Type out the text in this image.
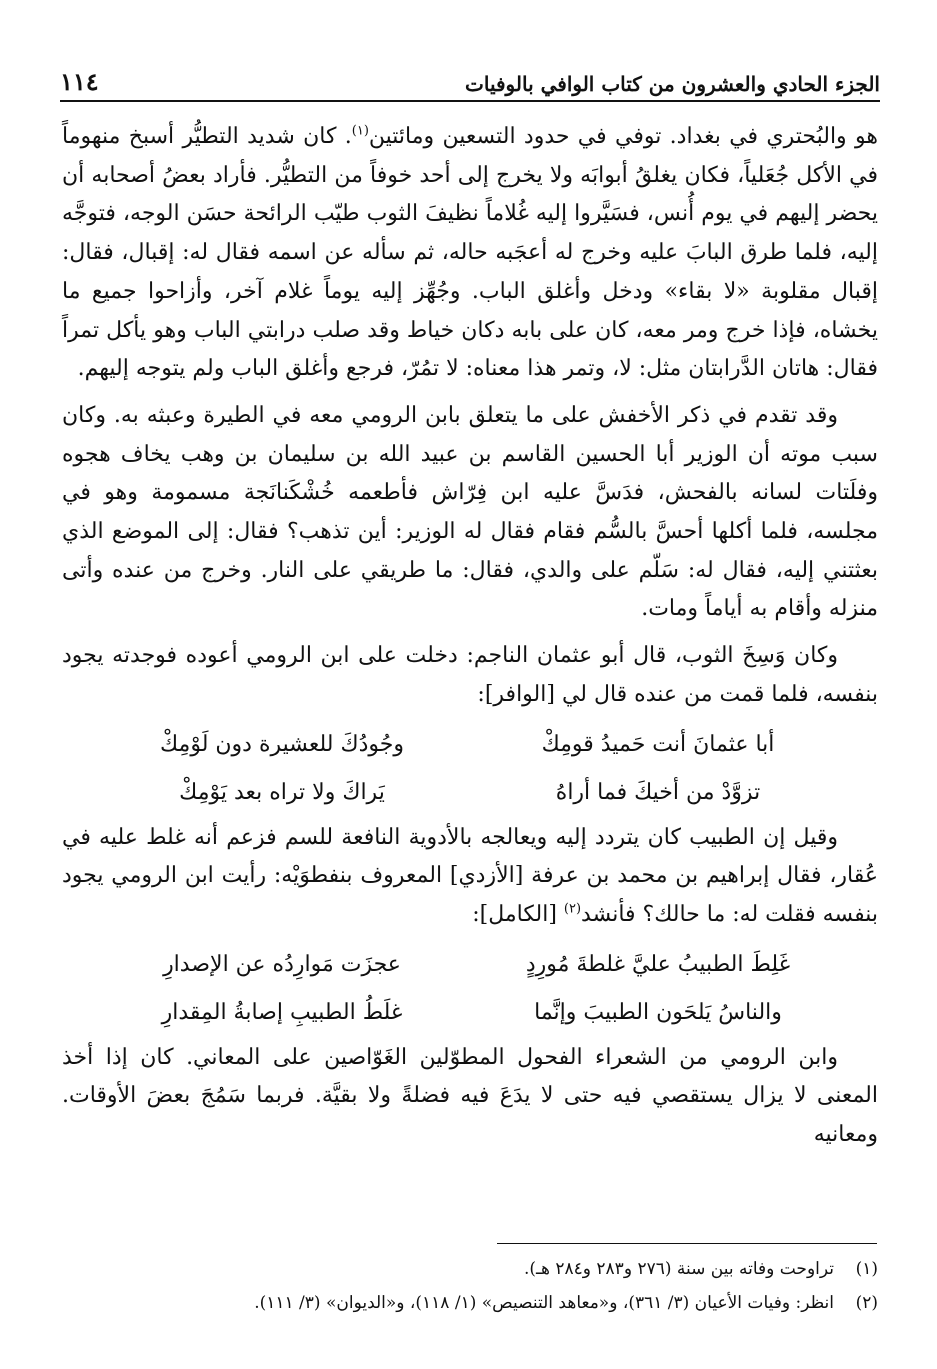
١١٤	الجزء الحادي والعشرون من كتاب الوافي بالوفيات

هو والبُحتري في بغداد. توفي في حدود التسعين ومائتين$^{(١)}$. كان شديد التطيُّر أسبخ منهوماً في الأكل جُعَلياً، فكان يغلقُ أبوابَه ولا يخرج إلى أحد خوفاً من التطيُّر. فأراد بعضُ أصحابه أن يحضر إليهم في يوم أُنس، فسَيَّروا إليه غُلاماً نظيفَ الثوب طيّب الرائحة حسَن الوجه، فتوجَّه إليه، فلما طرق البابَ عليه وخرج له أعجَبه حاله، ثم سأله عن اسمه فقال له: إقبال، فقال: إقبال مقلوبة «لا بقاء» ودخل وأغلق الباب. وجُهِّز إليه يوماً غلام آخر، وأزاحوا جميع ما يخشاه، فإذا خرج ومر معه، كان على بابه دكان خياط وقد صلب درابتي الباب وهو يأكل تمراً فقال: هاتان الدَّرابتان مثل: لا، وتمر هذا معناه: لا تمُرّ، فرجع وأغلق الباب ولم يتوجه إليهم.

وقد تقدم في ذكر الأخفش على ما يتعلق بابن الرومي معه في الطيرة وعبثه به. وكان سبب موته أن الوزير أبا الحسين القاسم بن عبيد الله بن سليمان بن وهب يخاف هجوه وفلَتات لسانه بالفحش، فدَسَّ عليه ابن فِرّاش فأطعمه خُشْكَنانَجة مسمومة وهو في مجلسه، فلما أكلها أحسَّ بالسُّم فقام فقال له الوزير: أين تذهب؟ فقال: إلى الموضع الذي بعثتني إليه، فقال له: سَلّم على والدي، فقال: ما طريقي على النار. وخرج من عنده وأتى منزله وأقام به أياماً ومات.

وكان وَسِخَ الثوب، قال أبو عثمان الناجم: دخلت على ابن الرومي أعوده فوجدته يجود بنفسه، فلما قمت من عنده قال لي [الوافر]:

أبا عثمانَ أنت حَميدُ قومِكْ
وجُودُكَ للعشيرة دون لَوْمِكْ
تزوَّدْ من أخيكَ فما أراهُ
يَراكَ ولا تراه بعد يَوْمِكْ

وقيل إن الطبيب كان يتردد إليه ويعالجه بالأدوية النافعة للسم فزعم أنه غلط عليه في عُقار، فقال إبراهيم بن محمد بن عرفة [الأزدي] المعروف بنفطوَيْه: رأيت ابن الرومي يجود بنفسه فقلت له: ما حالك؟ فأنشد$^{(٢)}$ [الكامل]:

غَلِطَ الطبيبُ عليَّ غلطةَ مُورِدٍ
عجزَت مَوارِدُه عن الإصدارِ
والناسُ يَلحَون الطبيبَ وإنَّما
غلَطُ الطبيبِ إصابةُ المِقدارِ

وابن الرومي من الشعراء الفحول المطوّلين الغَوّاصين على المعاني. كان إذا أخذ المعنى لا يزال يستقصي فيه حتى لا يدَعَ فيه فضلةً ولا بقيَّة. فربما سَمُجَ بعضَ الأوقات. ومعانيه

(١)
تراوحت وفاته بين سنة (٢٧٦ و٢٨٣ و٢٨٤ هـ).
(٢)
انظر: وفيات الأعيان (٣/ ٣٦١)، و«معاهد التنصيص» (١/ ١١٨)، و«الديوان» (٣/ ١١١).
